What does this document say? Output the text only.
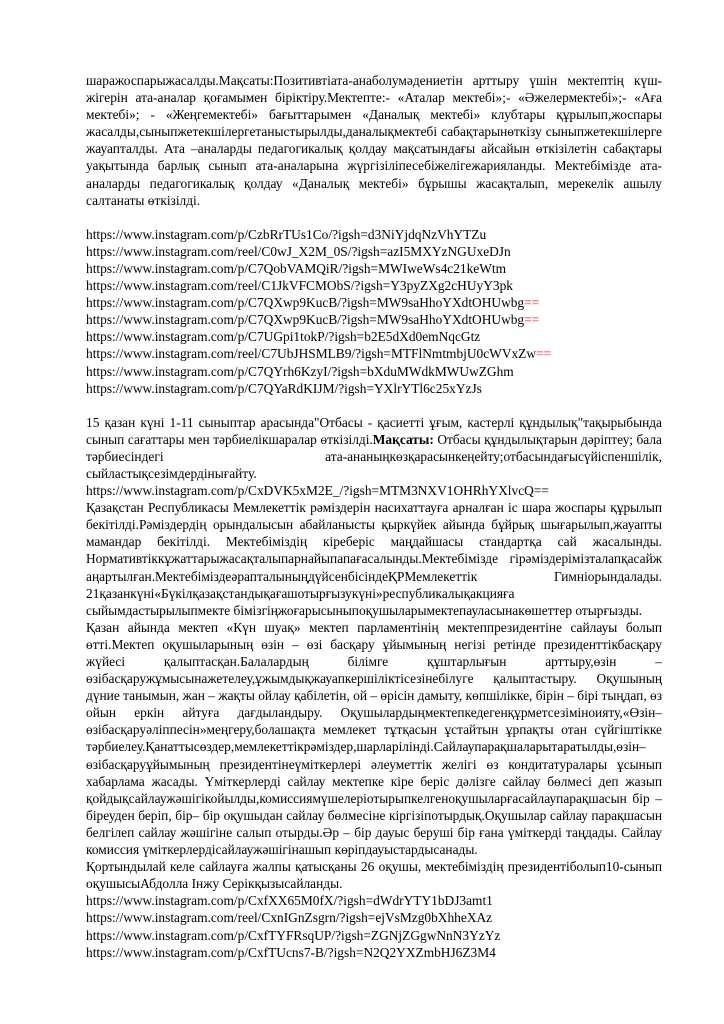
шаражоспарыжасалды.Мақсаты:Позитивтіата-анаболумәдениетін арттыру үшін мектептің күш-жігерін ата-аналар қоғамымен біріктіру.Мектепте:- «Аталар мектебі»;- «Әжелермектебі»;- «Аға мектебі»; - «Жеңгемектебі» бағыттарымен «Даналық мектебі» клубтары құрылып,жоспары жасалды,сыныпжетекшілергетаныстырылды,даналықмектебі сабақтарынөткізу сыныпжетекшілерге жауапталды. Ата –аналарды педагогикалық қолдау мақсатындағы айсайын өткізілетін сабақтары уақытында барлық сынып ата-аналарына жүргізіліпесебіжелігежарияланды. Мектебімізде ата- аналарды педагогикалық қолдау «Даналық мектебі» бұрышы жасақталып, мерекелік ашылу салтанаты өткізілді.

https://www.instagram.com/p/CzbRrTUs1Co/?igsh=d3NiYjdqNzVhYTZu
https://www.instagram.com/reel/C0wJ_X2M_0S/?igsh=azI5MXYzNGUxeDJn
https://www.instagram.com/p/C7QobVAMQiR/?igsh=MWIweWs4c21keWtm
https://www.instagram.com/reel/C1JkVFCMObS/?igsh=Y3pyZXg2cHUyY3pk
https://www.instagram.com/p/C7QXwp9KucB/?igsh=MW9saHhoYXdtOHUwbg==
https://www.instagram.com/p/C7QXwp9KucB/?igsh=MW9saHhoYXdtOHUwbg==
https://www.instagram.com/p/C7UGpi1tokP/?igsh=b2E5dXd0emNqcGtz
https://www.instagram.com/reel/C7UbJHSMLB9/?igsh=MTFlNmtmbjU0cWVxZw==
https://www.instagram.com/p/C7QYrh6KzyI/?igsh=bXduMWdkMWUwZGhm
https://www.instagram.com/p/C7QYaRdKIJM/?igsh=YXlrYTl6c25xYzJs

15 қазан күні 1-11 сыныптар арасында"Отбасы - қасиетті ұғым, кастерлі құндылық"тақырыбында сынып сағаттары мен тәрбиелікшаралар өткізілді.Мақсаты: Отбасы құндылықтарын дәріптеу; бала тәрбиесіндегі ата-ананыңкөзқарасынкеңейту;отбасындағысүйіспеншілік, сыйластықсезімдердінығайту.

https://www.instagram.com/p/CxDVK5xM2E_/?igsh=MTM3NXV1OHRhYXlvcQ==

Қазақстан Республикасы Мемлекеттік рәміздерін насихаттауға арналған іс шара жоспары құрылып бекітілді.Рәміздердің орындалысын абайланысты қыркүйек айында бұйрық шығарылып,жауапты мамандар бекітілді. Мектебіміздің кіреберіс маңдайшасы стандартқа сай жасалынды. Нормативтіккұжаттарыжасақталыпарнайыпапағасалынды.Мектебімізде гірәміздерімізталапқасайж аңартылған.МектебімiздеәрапталыныңдүйсенбісіндеҚРМемлекеттік Гимніорындалады. 21қазанкүні«Бүкілқазақстандықағашотырғызукүні»республикалықакцияға сыйымдастырылыпмекте бімізгіңжоғарысыныпоқушыларымектепауласынакөшеттер отырғызды.

Қазан айында мектеп «Күн шуақ» мектеп парламентінің мектеппрезидентіне сайлауы болып өтті.Мектеп оқушыларының өзін – өзі басқару ұйымының негізі ретінде президенттікбасқару жүйесі қалыптасқан.Балалардың білімге құштарлығын арттыру,өзін – өзібасқаружұмысынажетелеу,ұжымдықжауапкершіліктісезінебілуге қалыптастыру. Оқушының дүние танымын, жан – жақты ойлау қабілетін, ой – өрісін дамыту, көпшілікке, бірін – бірі тыңдап, өз ойын еркін айтуға дағдыландыру. Оқушылардыңмектепкедегенқұрметсезіміноияту,«Өзін– өзібасқаруәліппесін»меңгеру,болашақта мемлекет тұтқасын ұстайтын ұрпақты отан сүйгіштікке тәрбиелеу.Қанаттысөздер,мемлекеттікрәміздер,шарларілінді.Сайлаупарақшаларытаратылды,өзін– өзібасқаруұйымының президентінеүміткерлері әлеуметтік желігі өз кондитатуралары ұсынып хабарлама жасады. Үміткерлерді сайлау мектепке кіре беріс дәлізге сайлау бөлмесі деп жазып қойдықсайлаужәшігікойылды,комиссиямүшелеріотырыпкелгеноқушыларғасайлаупарақшасын бір – біреуден беріп, бір– бір оқушыдан сайлау бөлмесіне кіргізіпотырдық.Оқушылар сайлау парақшасын белгілеп сайлау жәшігіне салып отырды.Әр – бір дауыс беруші бір ғана үміткерді таңдады. Сайлау комиссия үміткерлердісайлаужәшігінашып көріпдауыстардысанады.

Қортындылай келе сайлауға жалпы қатысқаны 26 оқушы, мектебіміздің президентіболып10-сынып оқушысыАбдолла Інжу Серікқызысайланды.

https://www.instagram.com/p/CxfXX65M0fX/?igsh=dWdrYTY1bDJ3amt1
https://www.instagram.com/reel/CxnIGnZsgrn/?igsh=ejVsMzg0bXhheXAz
https://www.instagram.com/p/CxfTYFRsqUP/?igsh=ZGNjZGgwNnN3YzYz
https://www.instagram.com/p/CxfTUcns7-B/?igsh=N2Q2YXZmbHJ6Z3M4
